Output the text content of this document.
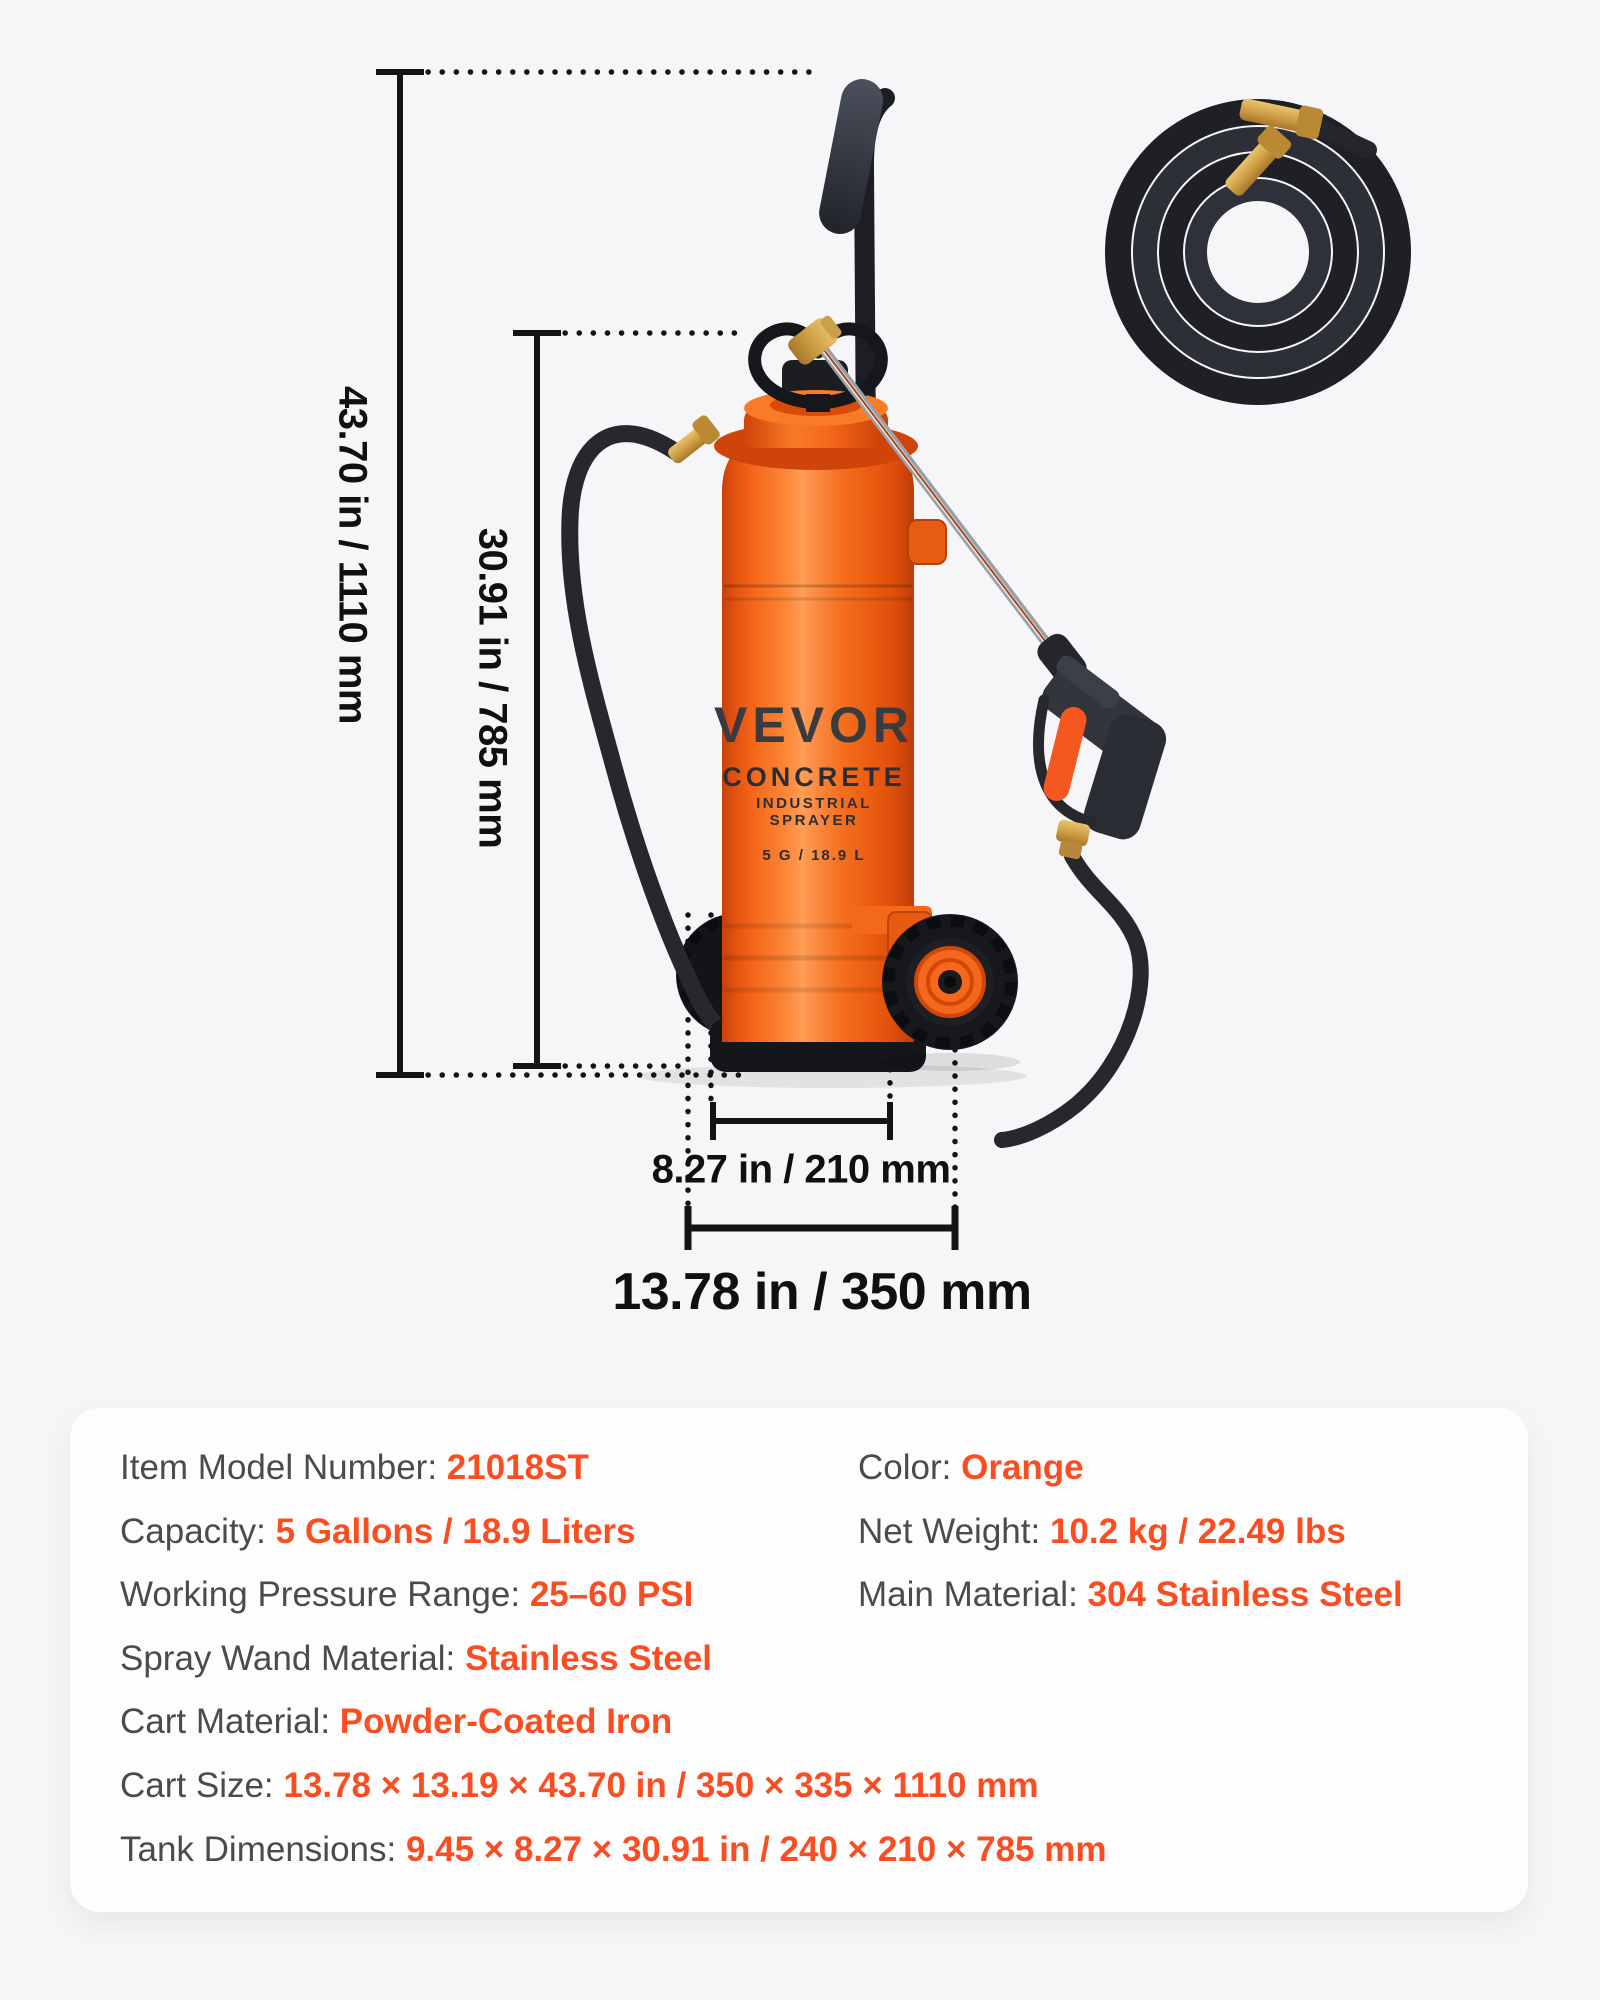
43.70 in / 1110 mm 30.91 in / 785 mm
8.27 in / 210 mm
13.78 in / 350 mm
VEVOR
CONCRETE
INDUSTRIAL SPRAYER
5 G / 18.9 L
Item Model Number: 21018ST
Capacity: 5 Gallons / 18.9 Liters
Working Pressure Range: 25–60 PSI
Spray Wand Material: Stainless Steel
Cart Material: Powder-Coated Iron
Cart Size: 13.78 × 13.19 × 43.70 in / 350 × 335 × 1110 mm
Tank Dimensions: 9.45 × 8.27 × 30.91 in / 240 × 210 × 785 mm
Color: Orange
Net Weight: 10.2 kg / 22.49 lbs
Main Material: 304 Stainless Steel
